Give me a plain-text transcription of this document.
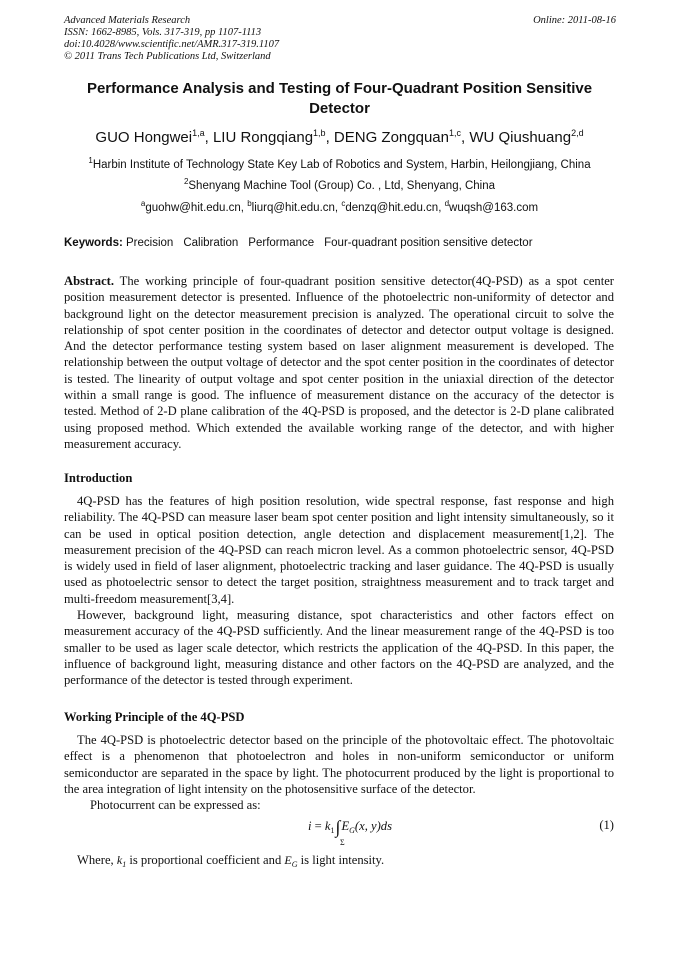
Advanced Materials Research
ISSN: 1662-8985, Vols. 317-319, pp 1107-1113
doi:10.4028/www.scientific.net/AMR.317-319.1107
© 2011 Trans Tech Publications Ltd, Switzerland
Online: 2011-08-16
Performance Analysis and Testing of Four-Quadrant Position Sensitive Detector
GUO Hongwei$^{1,a}$, LIU Rongqiang$^{1,b}$, DENG Zongquan$^{1,c}$, WU Qiushuang$^{2,d}$
$^1$Harbin Institute of Technology State Key Lab of Robotics and System, Harbin, Heilongjiang, China
$^2$Shenyang Machine Tool (Group) Co. , Ltd, Shenyang, China
$^a$guohw@hit.edu.cn, $^b$liurq@hit.edu.cn, $^c$denzq@hit.edu.cn, $^d$wuqsh@163.com
Keywords: Precision Calibration Performance Four-quadrant position sensitive detector
Abstract. The working principle of four-quadrant position sensitive detector(4Q-PSD) as a spot center position measurement detector is presented. Influence of the photoelectric non-uniformity of detector and background light on the detector measurement precision is analyzed. The operational circuit to solve the relationship of spot center position in the coordinates of detector and detector output voltage is designed. And the detector performance testing system based on laser alignment measurement is developed. The relationship between the output voltage of detector and the spot center position in the coordinates of detector is tested. The linearity of output voltage and spot center position in the uniaxial direction of the detector within a small range is good. The influence of measurement distance on the accuracy of the detector is tested. Method of 2-D plane calibration of the 4Q-PSD is proposed, and the detector is 2-D plane calibrated using proposed method. Which extended the available working range of the detector, and with higher measurement accuracy.
Introduction
4Q-PSD has the features of high position resolution, wide spectral response, fast response and high reliability. The 4Q-PSD can measure laser beam spot center position and light intensity simultaneously, so it can be used in optical position detection, angle detection and displacement measurement[1,2]. The measurement precision of the 4Q-PSD can reach micron level. As a common photoelectric sensor, 4Q-PSD is widely used in field of laser alignment, photoelectric tracking and laser guidance. The 4Q-PSD is usually used as photoelectric sensor to detect the target position, straightness measurement and to track target and multi-freedom measurement[3,4].
However, background light, measuring distance, spot characteristics and other factors effect on measurement accuracy of the 4Q-PSD sufficiently. And the linear measurement range of the 4Q-PSD is too smaller to be used as lager scale detector, which restricts the application of the 4Q-PSD. In this paper, the influence of background light, measuring distance and other factors on the 4Q-PSD are analyzed, and the performance of the detector is tested through experiment.
Working Principle of the 4Q-PSD
The 4Q-PSD is photoelectric detector based on the principle of the photovoltaic effect. The photovoltaic effect is a phenomenon that photoelectron and holes in non-uniform semiconductor or uniform semiconductor are separated in the space by light. The photocurrent produced by the light is proportional to the area integration of light intensity on the photosensitive surface of the detector.
Photocurrent can be expressed as:
$i = k_1\int E_G(x$, y)ds
Σ
(1)
Where, $k_1$ is proportional coefficient and $E_G$ is light intensity.
